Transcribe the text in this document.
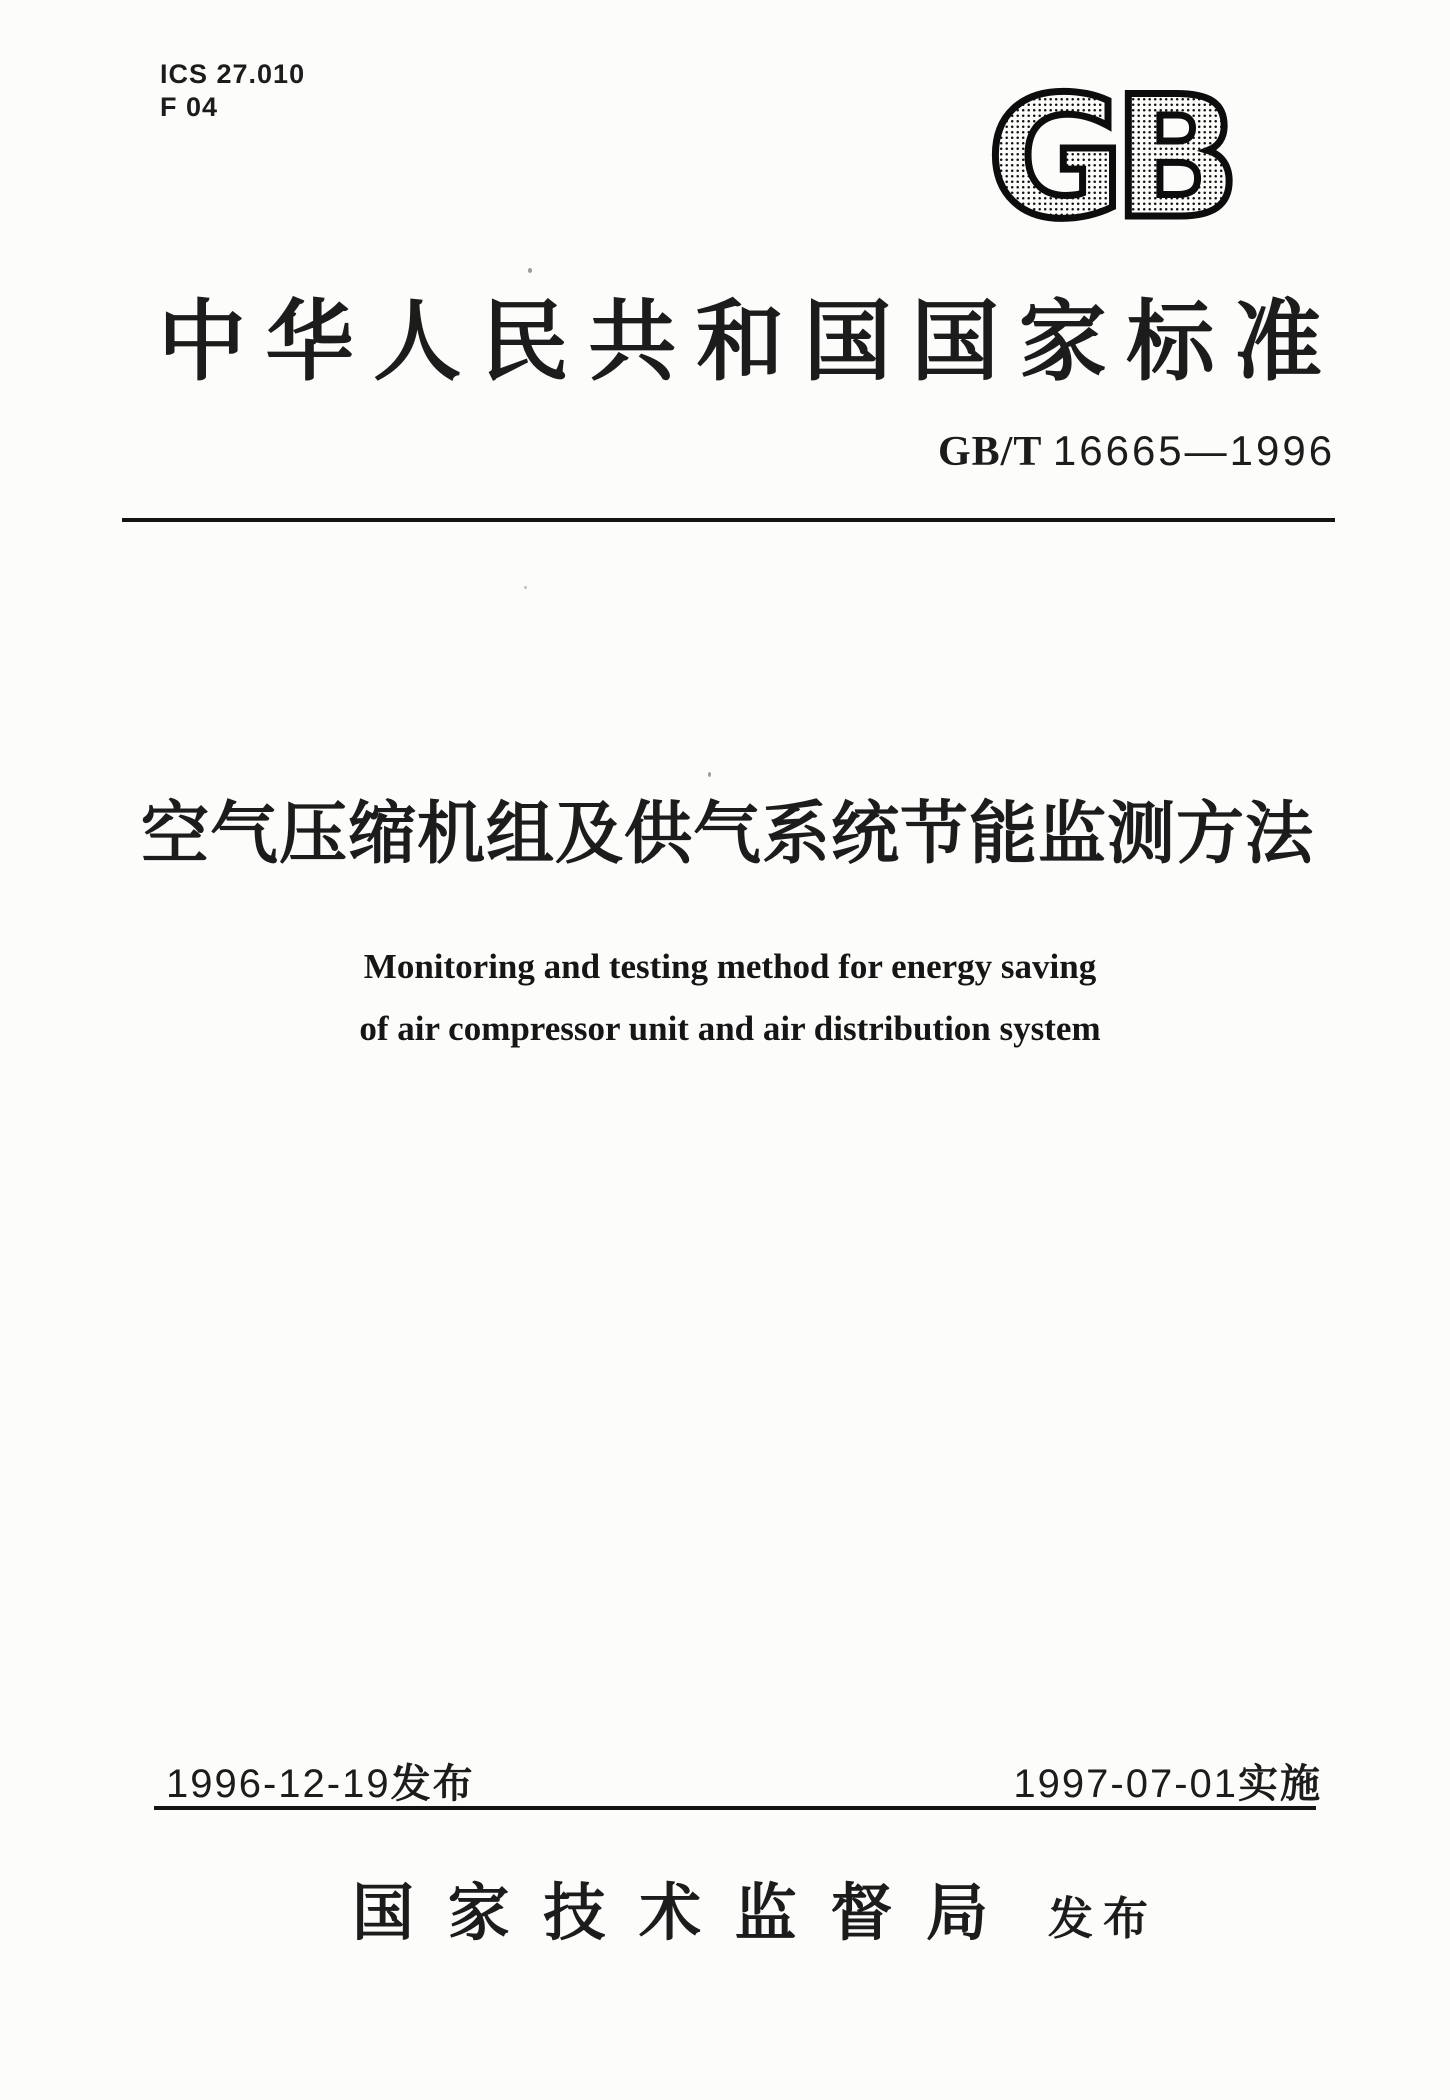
ICS 27.010
F 04	GB
中华人民共和国国家标准
GB/T 16665—1996
空气压缩机组及供气系统节能监测方法
Monitoring and testing method for energy saving
of air compressor unit and air distribution system
1996-12-19发布	1997-07-01实施
国家技术监督局 发布
